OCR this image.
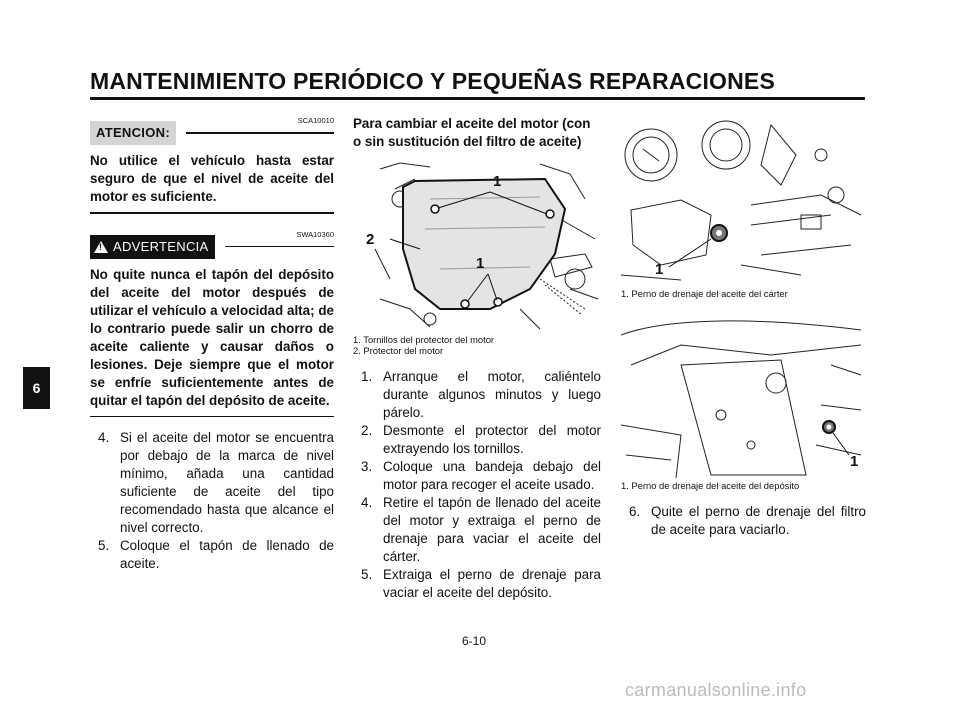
MANTENIMIENTO PERIÓDICO Y PEQUEÑAS REPARACIONES
6
SCA10010
ATENCION:

No utilice el vehículo hasta estar seguro de que el nivel de aceite del motor es suficiente.

SWA10360
! ADVERTENCIA

No quite nunca el tapón del depósito del aceite del motor después de utilizar el vehículo a velocidad alta; de lo contrario puede salir un chorro de aceite caliente y causar daños o lesiones. Deje siempre que el motor se enfríe suficientemente antes de quitar el tapón del depósito de aceite.

4. Si el aceite del motor se encuentra por debajo de la marca de nivel mínimo, añada una cantidad suficiente de aceite del tipo recomendado hasta que alcance el nivel correcto.
5. Coloque el tapón de llenado de aceite.

Para cambiar el aceite del motor (con o sin sustitución del filtro de aceite)

1
2
1
1. Tornillos del protector del motor
2. Protector del motor
1. Arranque el motor, caliéntelo durante algunos minutos y luego párelo.
2. Desmonte el protector del motor extrayendo los tornillos.
3. Coloque una bandeja debajo del motor para recoger el aceite usado.
4. Retire el tapón de llenado del aceite del motor y extraiga el perno de drenaje para vaciar el aceite del cárter.
5. Extraiga el perno de drenaje para vaciar el aceite del depósito.
1
1. Perno de drenaje del aceite del cárter
1
1. Perno de drenaje del aceite del depósito
6. Quite el perno de drenaje del filtro de aceite para vaciarlo.
6-10
carmanualsonline.info
